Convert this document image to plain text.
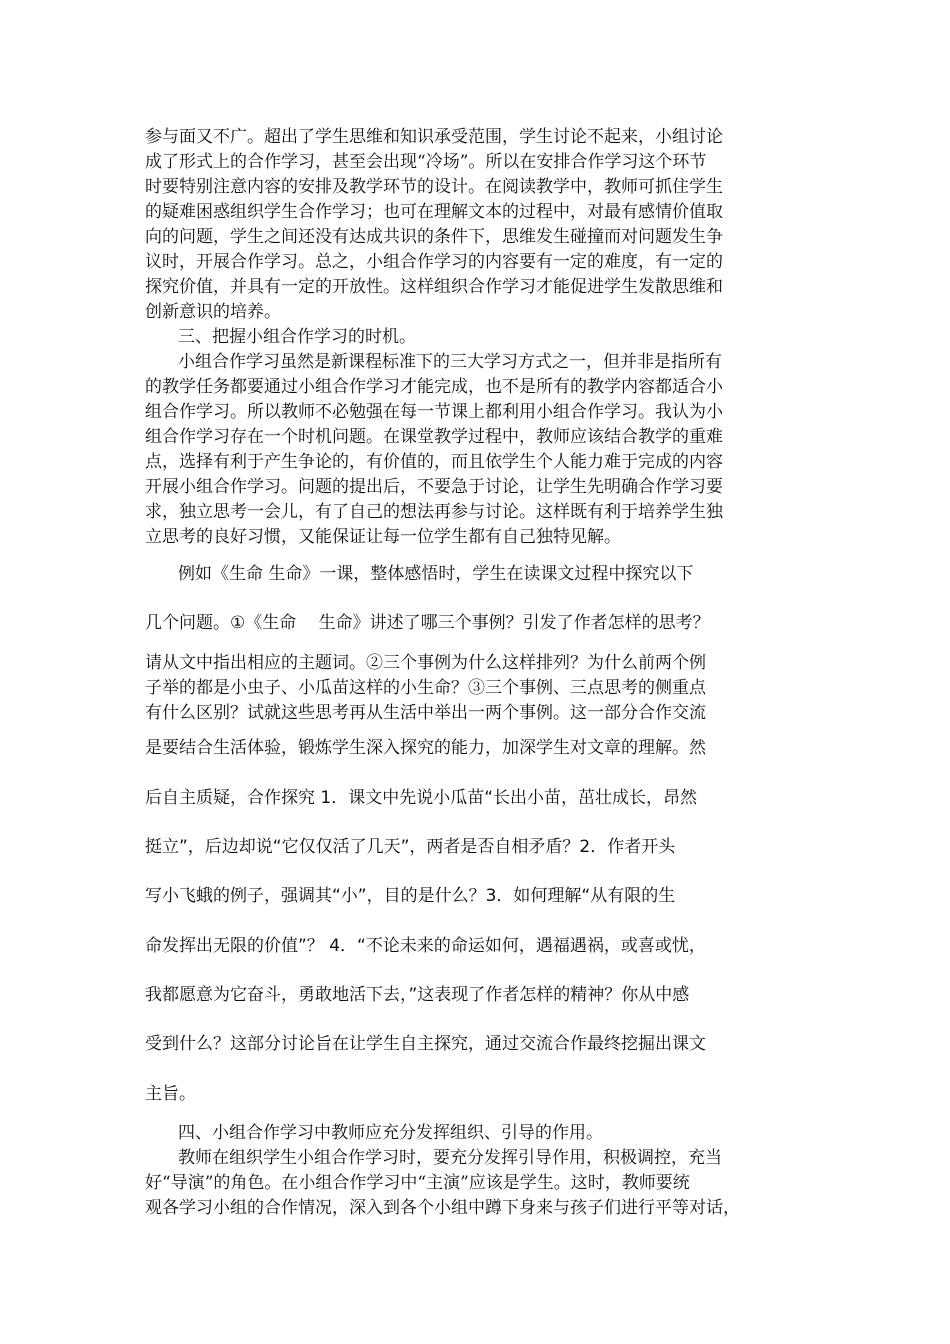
参与面又不广。超出了学生思维和知识承受范围，学生讨论不起来，小组讨论

成了形式上的合作学习，甚至会出现“冷场”。所以在安排合作学习这个环节

时要特别注意内容的安排及教学环节的设计。在阅读教学中，教师可抓住学生

的疑难困惑组织学生合作学习；也可在理解文本的过程中，对最有感情价值取

向的问题，学生之间还没有达成共识的条件下，思维发生碰撞而对问题发生争

议时，开展合作学习。总之，小组合作学习的内容要有一定的难度，有一定的

探究价值，并具有一定的开放性。这样组织合作学习才能促进学生发散思维和

创新意识的培养。

三、把握小组合作学习的时机。

小组合作学习虽然是新课程标准下的三大学习方式之一，但并非是指所有

的教学任务都要通过小组合作学习才能完成，也不是所有的教学内容都适合小

组合作学习。所以教师不必勉强在每一节课上都利用小组合作学习。我认为小

组合作学习存在一个时机问题。在课堂教学过程中，教师应该结合教学的重难

点，选择有利于产生争论的，有价值的，而且依学生个人能力难于完成的内容

开展小组合作学习。问题的提出后，不要急于讨论，让学生先明确合作学习要

求，独立思考一会儿，有了自己的想法再参与讨论。这样既有利于培养学生独

立思考的良好习惯，又能保证让每一位学生都有自己独特见解。

例如《生命 生命》一课，整体感悟时，学生在读课文过程中探究以下

几个问题。①《生命　 生命》讲述了哪三个事例？引发了作者怎样的思考？

请从文中指出相应的主题词。②三个事例为什么这样排列？为什么前两个例

子举的都是小虫子、小瓜苗这样的小生命？③三个事例、三点思考的侧重点

有什么区别？试就这些思考再从生活中举出一两个事例。这一部分合作交流

是要结合生活体验，锻炼学生深入探究的能力，加深学生对文章的理解。然

后自主质疑，合作探究 1．课文中先说小瓜苗“长出小苗，茁壮成长，昂然

挺立”，后边却说“它仅仅活了几天”，两者是否自相矛盾？2．作者开头

写小飞蛾的例子，强调其“小”，目的是什么？3．如何理解“从有限的生

命发挥出无限的价值”？ 4．“不论未来的命运如何，遇福遇祸，或喜或忧，

我都愿意为它奋斗，勇敢地活下去，”这表现了作者怎样的精神？你从中感

受到什么？这部分讨论旨在让学生自主探究，通过交流合作最终挖掘出课文

主旨。

四、小组合作学习中教师应充分发挥组织、引导的作用。

教师在组织学生小组合作学习时，要充分发挥引导作用，积极调控，充当

好“导演”的角色。在小组合作学习中“主演”应该是学生。这时，教师要统

观各学习小组的合作情况，深入到各个小组中蹲下身来与孩子们进行平等对话，
